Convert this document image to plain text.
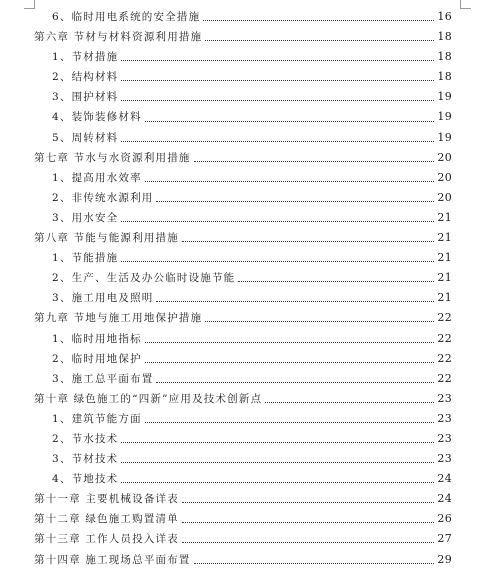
6、临时用电系统的安全措施	16
第六章 节材与材料资源利用措施	18
1、节材措施	18
2、结构材料	18
3、围护材料	19
4、装饰装修材料	19
5、周转材料	19
第七章 节水与水资源利用措施	20
1、提高用水效率	20
2、非传统水源利用	20
3、用水安全	21
第八章 节能与能源利用措施	21
1、节能措施	21
2、生产、生活及办公临时设施节能	21
3、施工用电及照明	21
第九章 节地与施工用地保护措施	22
1、临时用地指标	22
2、临时用地保护	22
3、施工总平面布置	22
第十章 绿色施工的“四新”应用及技术创新点	23
1、建筑节能方面	23
2、节水技术	23
3、节材技术	23
4、节地技术	24
第十一章 主要机械设备详表	24
第十二章 绿色施工购置清单	26
第十三章 工作人员投入详表	27
第十四章 施工现场总平面布置	29
